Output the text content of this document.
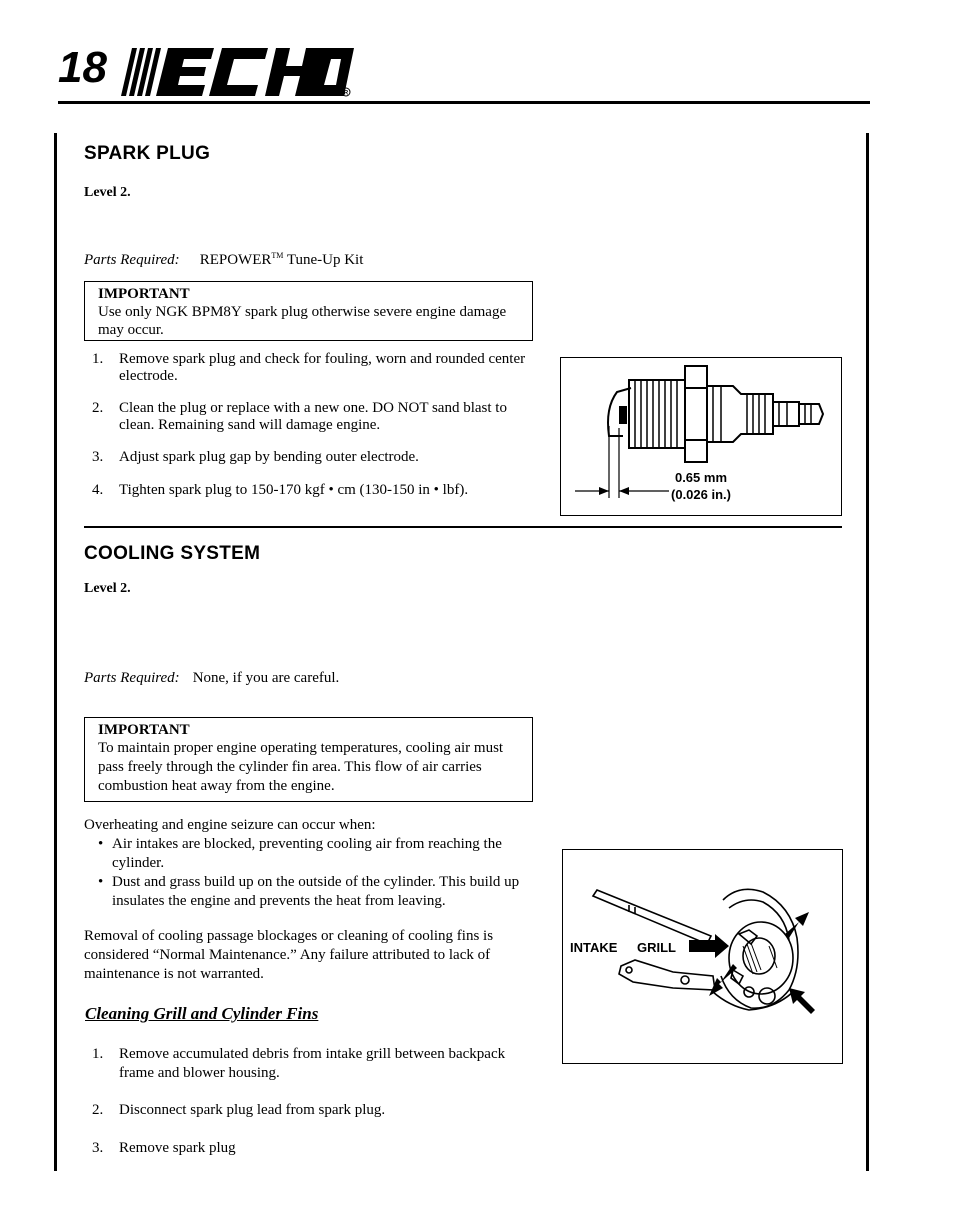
18
R
SPARK PLUG
Level 2.
Parts Required: REPOWER™ Tune-Up Kit
IMPORTANT
Use only NGK BPM8Y spark plug otherwise severe engine damage may occur.
1. Remove spark plug and check for fouling, worn and rounded center electrode.
2. Clean the plug or replace with a new one. DO NOT sand blast to clean. Remaining sand will damage engine.
3. Adjust spark plug gap by bending outer electrode.
4. Tighten spark plug to 150-170 kgf • cm (130-150 in • lbf).
0.65 mm
(0.026 in.)
COOLING SYSTEM
Level 2.
Parts Required: None, if you are careful.
IMPORTANT
To maintain proper engine operating temperatures, cooling air must pass freely through the cylinder fin area. This flow of air carries combustion heat away from the engine.
Overheating and engine seizure can occur when:
• Air intakes are blocked, preventing cooling air from reaching the cylinder.
• Dust and grass build up on the outside of the cylinder. This build up insulates the engine and prevents the heat from leaving.
Removal of cooling passage blockages or cleaning of cooling fins is considered “Normal Maintenance.” Any failure attributed to lack of maintenance is not warranted.
Cleaning Grill and Cylinder Fins
1. Remove accumulated debris from intake grill between backpack frame and blower housing.
2. Disconnect spark plug lead from spark plug.
3. Remove spark plug
INTAKE GRILL
